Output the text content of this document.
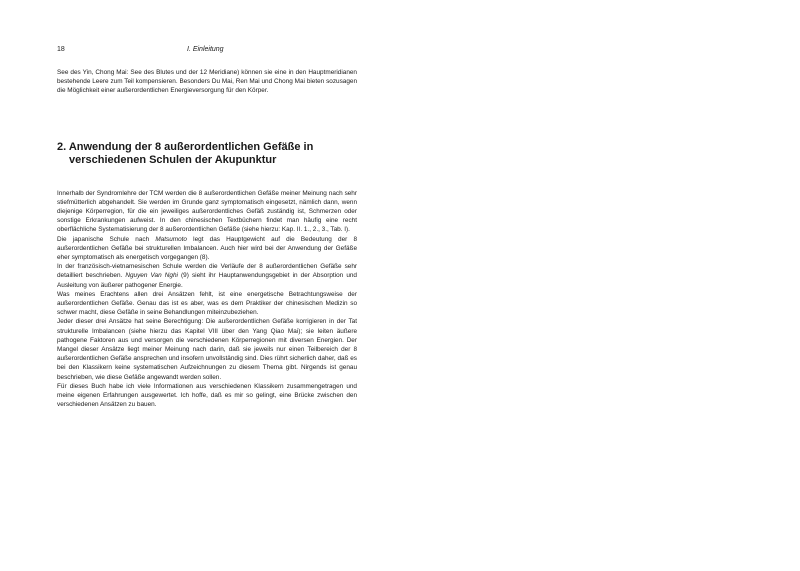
18	I. Einleitung

See des Yin, Chong Mai: See des Blutes und der 12 Meridiane) können sie eine in den Hauptmeridianen bestehende Leere zum Teil kompensieren. Besonders Du Mai, Ren Mai und Chong Mai bieten sozusagen die Möglichkeit einer außerordentlichen Energieversorgung für den Körper.

2. Anwendung der 8 außerordentlichen Gefäße in verschiedenen Schulen der Akupunktur

Innerhalb der Syndromlehre der TCM werden die 8 außerordentlichen Gefäße meiner Meinung nach sehr stiefmütterlich abgehandelt. Sie werden im Grunde ganz symptomatisch eingesetzt, nämlich dann, wenn diejenige Körperregion, für die ein jeweiliges außerordentliches Gefäß zuständig ist, Schmerzen oder sonstige Erkrankungen aufweist. In den chinesischen Textbüchern findet man häufig eine recht oberflächliche Systematisierung der 8 außerordentlichen Gefäße (siehe hierzu: Kap. II. 1., 2., 3., Tab. I).

Die japanische Schule nach Matsumoto legt das Hauptgewicht auf die Bedeutung der 8 außerordentlichen Gefäße bei strukturellen Imbalancen. Auch hier wird bei der Anwendung der Gefäße eher symptomatisch als energetisch vorgegangen (8).

In der französisch-vietnamesischen Schule werden die Verläufe der 8 außerordentlichen Gefäße sehr detailliert beschrieben. Nguyen Van Nghi (9) sieht ihr Hauptanwendungsgebiet in der Absorption und Ausleitung von äußerer pathogener Energie.

Was meines Erachtens allen drei Ansätzen fehlt, ist eine energetische Betrachtungsweise der außerordentlichen Gefäße. Genau das ist es aber, was es dem Praktiker der chinesischen Medizin so schwer macht, diese Gefäße in seine Behandlungen miteinzubeziehen.

Jeder dieser drei Ansätze hat seine Berechtigung: Die außerordentlichen Gefäße korrigieren in der Tat strukturelle Imbalancen (siehe hierzu das Kapitel VIII über den Yang Qiao Mai); sie leiten äußere pathogene Faktoren aus und versorgen die verschiedenen Körperregionen mit diversen Energien. Der Mangel dieser Ansätze liegt meiner Meinung nach darin, daß sie jeweils nur einen Teilbereich der 8 außerordentlichen Gefäße ansprechen und insofern unvollständig sind. Dies rührt sicherlich daher, daß es bei den Klassikern keine systematischen Aufzeichnungen zu diesem Thema gibt. Nirgends ist genau beschrieben, wie diese Gefäße angewandt werden sollen.

Für dieses Buch habe ich viele Informationen aus verschiedenen Klassikern zusammengetragen und meine eigenen Erfahrungen ausgewertet. Ich hoffe, daß es mir so gelingt, eine Brücke zwischen den verschiedenen Ansätzen zu bauen.
